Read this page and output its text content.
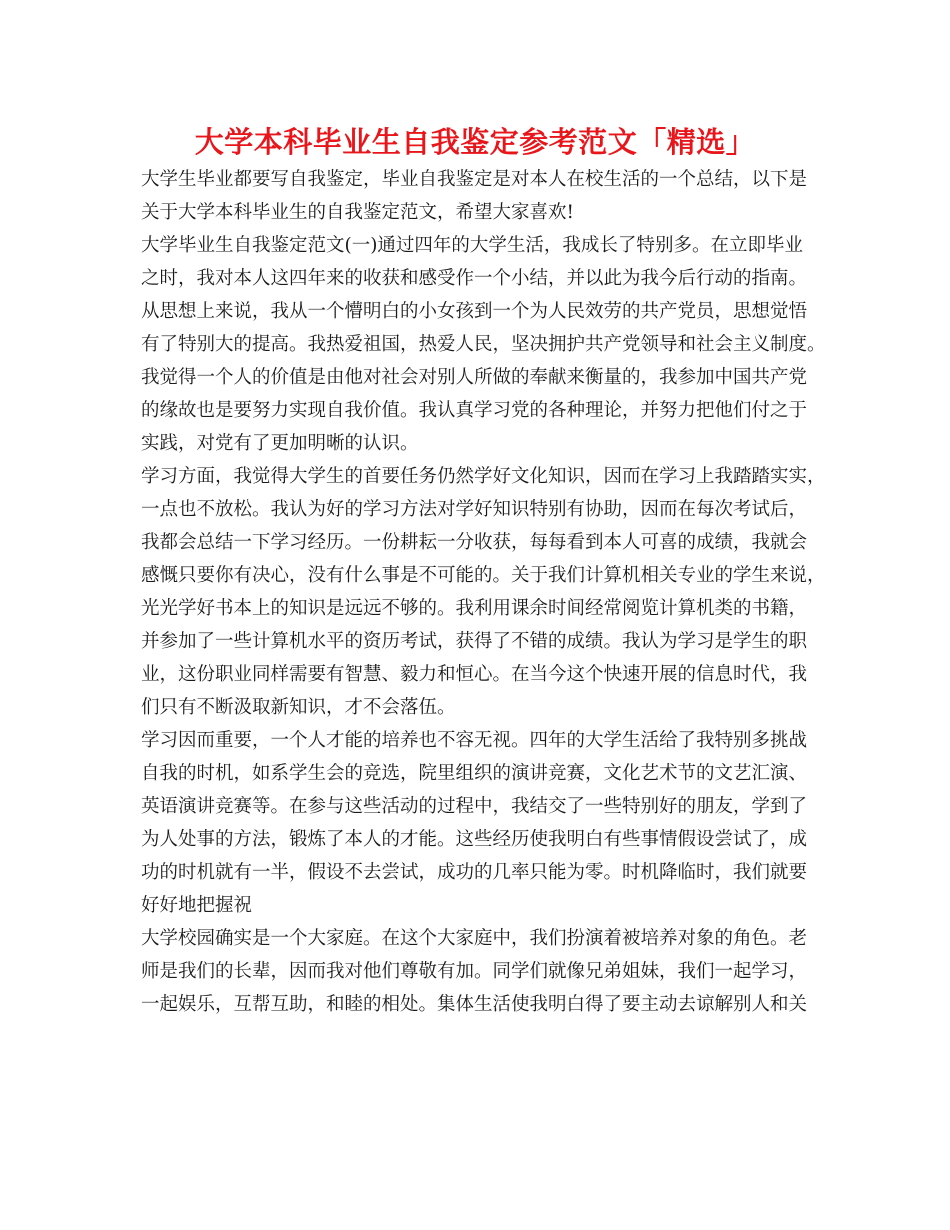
大学本科毕业生自我鉴定参考范文「精选」
大学生毕业都要写自我鉴定，毕业自我鉴定是对本人在校生活的一个总结，以下是
关于大学本科毕业生的自我鉴定范文，希望大家喜欢!
大学毕业生自我鉴定范文(一)通过四年的大学生活，我成长了特别多。在立即毕业
之时，我对本人这四年来的收获和感受作一个小结，并以此为我今后行动的指南。
从思想上来说，我从一个懵明白的小女孩到一个为人民效劳的共产党员，思想觉悟
有了特别大的提高。我热爱祖国，热爱人民，坚决拥护共产党领导和社会主义制度。
我觉得一个人的价值是由他对社会对别人所做的奉献来衡量的，我参加中国共产党
的缘故也是要努力实现自我价值。我认真学习党的各种理论，并努力把他们付之于
实践，对党有了更加明晰的认识。
学习方面，我觉得大学生的首要任务仍然学好文化知识，因而在学习上我踏踏实实，
一点也不放松。我认为好的学习方法对学好知识特别有协助，因而在每次考试后，
我都会总结一下学习经历。一份耕耘一分收获，每每看到本人可喜的成绩，我就会
感慨只要你有决心，没有什么事是不可能的。关于我们计算机相关专业的学生来说，
光光学好书本上的知识是远远不够的。我利用课余时间经常阅览计算机类的书籍，
并参加了一些计算机水平的资历考试，获得了不错的成绩。我认为学习是学生的职
业，这份职业同样需要有智慧、毅力和恒心。在当今这个快速开展的信息时代，我
们只有不断汲取新知识，才不会落伍。
学习因而重要，一个人才能的培养也不容无视。四年的大学生活给了我特别多挑战
自我的时机，如系学生会的竞选，院里组织的演讲竞赛，文化艺术节的文艺汇演、
英语演讲竞赛等。在参与这些活动的过程中，我结交了一些特别好的朋友，学到了
为人处事的方法，锻炼了本人的才能。这些经历使我明白有些事情假设尝试了，成
功的时机就有一半，假设不去尝试，成功的几率只能为零。时机降临时，我们就要
好好地把握祝
大学校园确实是一个大家庭。在这个大家庭中，我们扮演着被培养对象的角色。老
师是我们的长辈，因而我对他们尊敬有加。同学们就像兄弟姐妹，我们一起学习，
一起娱乐，互帮互助，和睦的相处。集体生活使我明白得了要主动去谅解别人和关
